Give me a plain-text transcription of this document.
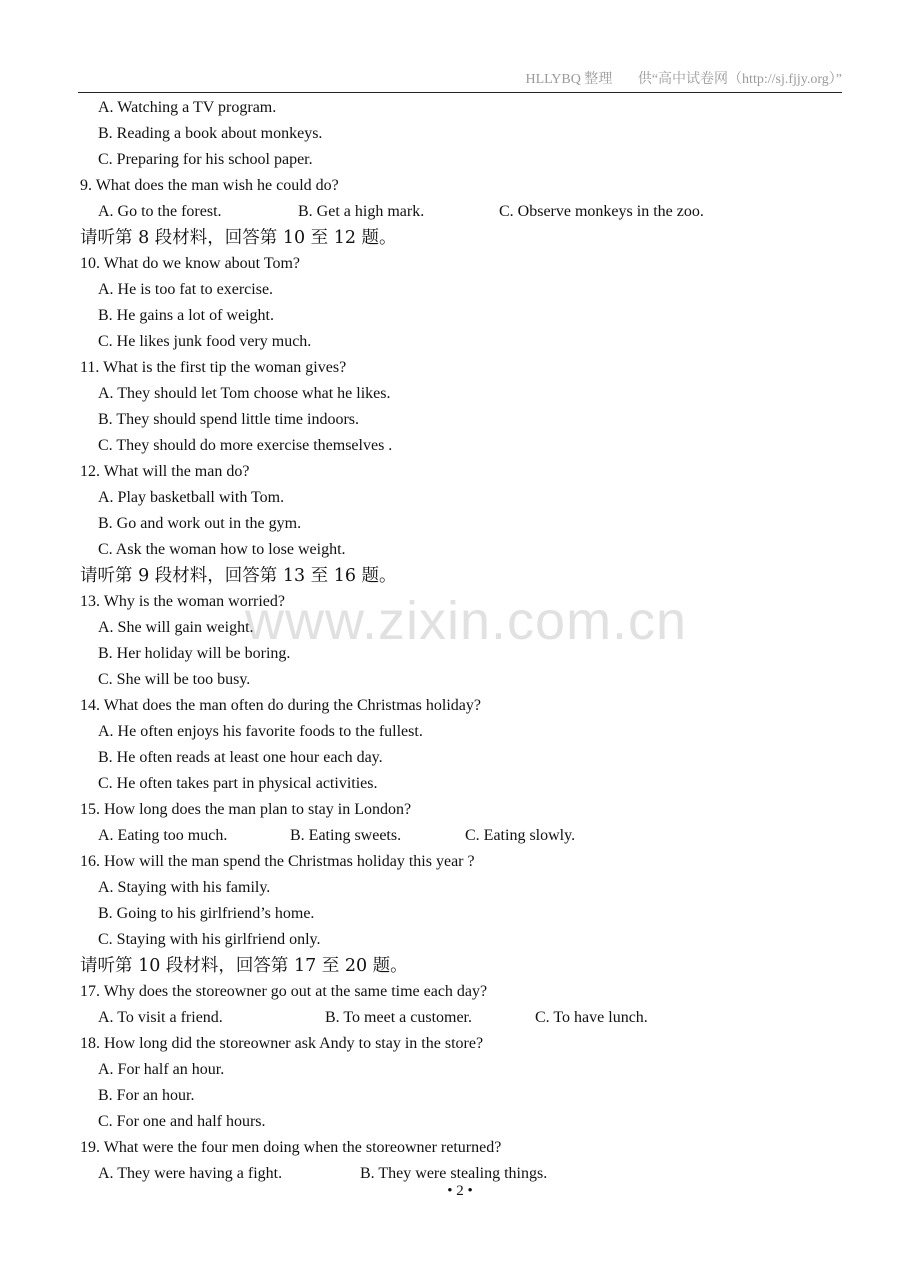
HLLYBQ 整理 供“高中试卷网（http://sj.fjjy.org）”
www.zixin.com.cn
A. Watching a TV program.
B. Reading a book about monkeys.
C. Preparing for his school paper.
9. What does the man wish he could do?
A. Go to the forest.	B. Get a high mark.	C. Observe monkeys in the zoo.
请听第 8 段材料，回答第 10 至 12 题。
10. What do we know about Tom?
A. He is too fat to exercise.
B. He gains a lot of weight.
C. He likes junk food very much.
11. What is the first tip the woman gives?
A. They should let Tom choose what he likes.
B. They should spend little time indoors.
C. They should do more exercise themselves .
12. What will the man do?
A. Play basketball with Tom.
B. Go and work out in the gym.
C. Ask the woman how to lose weight.
请听第 9 段材料，回答第 13 至 16 题。
13. Why is the woman worried?
A. She will gain weight.
B. Her holiday will be boring.
C. She will be too busy.
14. What does the man often do during the Christmas holiday?
A. He often enjoys his favorite foods to the fullest.
B. He often reads at least one hour each day.
C. He often takes part in physical activities.
15. How long does the man plan to stay in London?
A. Eating too much.	B. Eating sweets.	C. Eating slowly.
16. How will the man spend the Christmas holiday this year ?
A. Staying with his family.
B. Going to his girlfriend’s home.
C. Staying with his girlfriend only.
请听第 10 段材料，回答第 17 至 20 题。
17. Why does the storeowner go out at the same time each day?
A. To visit a friend.	B. To meet a customer.	C. To have lunch.
18. How long did the storeowner ask Andy to stay in the store?
A. For half an hour.
B. For an hour.
C. For one and half hours.
19. What were the four men doing when the storeowner returned?
A. They were having a fight.	B. They were stealing things.
• 2 •
